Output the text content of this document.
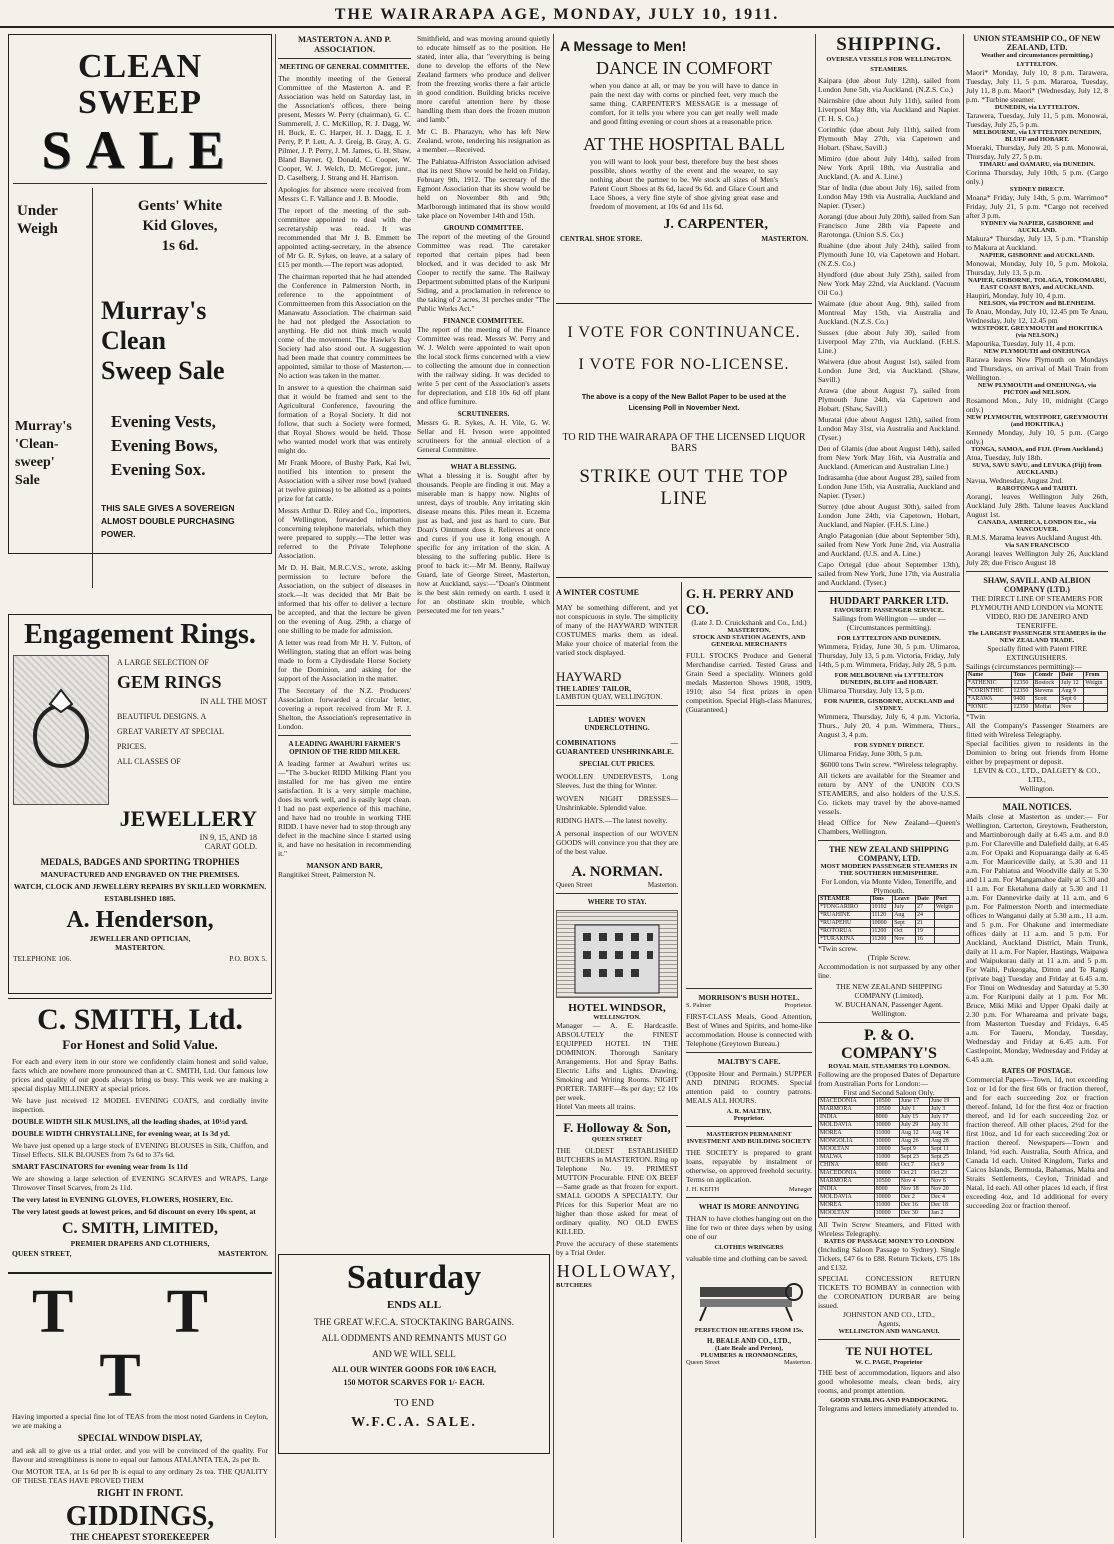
THE WAIRARAPA AGE, MONDAY, JULY 10, 1911.
CLEAN SWEEP
SALE
Under
Weigh
Gents' White
Kid Gloves,
1s 6d.
Murray's
'Clean-sweep'
Sale
Murray's Clean
Sweep Sale
Evening Vests,
Evening Bows,
Evening Sox.
THIS SALE GIVES A SOVEREIGN ALMOST DOUBLE PURCHASING POWER.
Engagement Rings.
A LARGE SELECTION OF
GEM RINGS
IN ALL THE MOST
BEAUTIFUL DESIGNS. A
GREAT VARIETY AT SPECIAL
PRICES.
ALL CLASSES OF
JEWELLERY
IN 9, 15, AND 18
CARAT GOLD.
MEDALS, BADGES AND SPORTING TROPHIES
MANUFACTURED AND ENGRAVED ON THE PREMISES.
WATCH, CLOCK AND JEWELLERY REPAIRS BY SKILLED WORKMEN.
ESTABLISHED 1885.
A. Henderson,
JEWELLER AND OPTICIAN,
MASTERTON.
TELEPHONE 106.	P.O. BOX 5.
C. SMITH, Ltd.
For Honest and Solid Value.
For each and every item in our store we confidently claim honest and solid value, facts which are nowhere more pronounced than at C. SMITH, Ltd. Our famous low prices and quality of our goods always bring us busy. This week we are making a special display MILLINERY at special prices.
We have just received 12 MODEL EVENING COATS, and cordially invite inspection.
DOUBLE WIDTH SILK MUSLINS, all the leading shades, at 10½d yard.
DOUBLE WIDTH CHRYSTALLINE, for evening wear, at 1s 3d yd.
We have just opened up a large stock of EVENING BLOUSES in Silk, Chiffon, and Tinsel Effects. SILK BLOUSES from 7s 6d to 37s 6d.
SMART FASCINATORS for evening wear from 1s 11d
We are showing a large selection of EVENING SCARVES and WRAPS, Large Throwover Tinsel Scarves, from 2s 11d.
The very latest in EVENING GLOVES, FLOWERS, HOSIERY, Etc.
The very latest goods at lowest prices, and 6d discount on every 10s spent, at
C. SMITH, LIMITED,
PREMIER DRAPERS AND CLOTHIERS,
QUEEN STREET,	MASTERTON.
T T T
Having imported a special fine lot of TEAS from the most noted Gardens in Ceylon, we are making a
SPECIAL WINDOW DISPLAY,
and ask all to give us a trial order, and you will be convinced of the quality. For flavour and strengthiness is none to equal our famous ATALANTA TEA, 2s per lb.
Our MOTOR TEA, at 1s 6d per lb is equal to any ordinary 2s tea. THE QUALITY OF THESE TEAS HAVE PROVED THEM
RIGHT IN FRONT.
GIDDINGS,
THE CHEAPEST STOREKEEPER
MASTERTON A. AND P. ASSOCIATION.
MEETING OF GENERAL COMMITTEE.
The monthly meeting of the General Committee of the Masterton A. and P. Association was held on Saturday last, in the Association's offices, there being present, Messrs W. Perry (chairman), G. C. Summerell, J. C. McKillop, R. J. Dagg, W. H. Buck, E. C. Harper, H. J. Dagg, E. J. Perry, P. P. Lett, A. J. Greig, B. Gray, A. G. Pilmer, J. P. Perry, J. M. James, G. H. Shaw, Bland Bayner, Q. Donald, C. Cooper, W. Cooper, W. J. Welch, D. McGregor, junr., D. Caselberg, J. Strang and H. Harrison.
Apologies for absence were received from Messrs C. F. Vallance and J. B. Moodie.
The report of the meeting of the sub-committee appointed to deal with the secretaryship was read. It was recommended that Mr J. B. Emmett be appointed acting-secretary, in the absence of Mr G. R. Sykes, on leave, at a salary of £15 per month.—The report was adopted.
The chairman reported that he had attended the Conference in Palmerston North, in reference to the appointment of Committeemen from this Association on the Manawatu Association. The chairman said he had not pledged the Association to anything. He did not think much would come of the movement. The Hawke's Bay Society had also stood out. A suggestion had been made that country committees be appointed, similar to those of Masterton.—No action was taken in the matter.
In answer to a question the chairman said that it would be framed and sent to the Agricultural Conference, favouring the formation of a Royal Society. It did not follow, that such a Society were formed, that Royal Shows would be held. Those who wanted model work that was entirely might do.
Mr Frank Moore, of Bushy Park, Kai Iwi, notified his intention to present the Association with a silver rose bowl (valued at twelve guineas) to be allotted as a points prize for fat cattle.
Messrs Arthur D. Riley and Co., importers, of Wellington, forwarded information concerning telephone materials, which they were prepared to supply.—The letter was referred to the Private Telephone Association.
Mr D. H. Bait, M.R.C.V.S., wrote, asking permission to lecture before the Association, on the subject of diseases in stock.—It was decided that Mr Bait be informed that his offer to deliver a lecture be accepted, and that the lecture be given on the evening of Aug. 29th, a charge of one shilling to be made for admission.
A letter was read from Mr H. V. Fulton, of Wellington, stating that an effort was being made to form a Clydesdale Horse Society for the Dominion, and asking for the support of the Association in the matter.
The Secretary of the N.Z. Producers' Association forwarded a circular letter, covering a report received from Mr F. J. Shelton, the Association's representative in London.
A LEADING AWAHURI FARMER'S OPINION OF THE RIDD MILKER.
A leading farmer at Awahuri writes us:—"The 3-bucket RIDD Milking Plant you installed for me has given me entire satisfaction. It is a very simple machine, does its work well, and is easily kept clean. I had no past experience of this machine, and have had no trouble in working THE RIDD. I have never had to stop through any defect in the machine since I started using it, and have no hesitation in recommending it."
MANSON AND BARR,
Rangitikei Street, Palmerston N.
Smithfield, and was moving around quietly to educate himself as to the position. He stated, inter alia, that "everything is being done to develop the efforts of the New Zealand farmers who produce and deliver from the freezing works there a fair article in good condition. Building bricks receive more careful attention here by those handling them than does the frozen mutton and lamb."
Mr C. B. Pharazyn, who has left New Zealand, wrote, tendering his resignation as a member.—Received.
The Pahiatua-Alfriston Association advised that its next Show would be held on Friday, February 9th, 1912. The secretary of the Egmont Association that its show would be held on November 8th and 9th; Marlborough intimated that its show would take place on November 14th and 15th.
GROUND COMMITTEE.
The report of the meeting of the Ground Committee was read. The caretaker reported that certain pipes had been blocked, and it was decided to ask Mr Cooper to rectify the same. The Railway Department submitted plans of the Kuripuni Siding, and a proclamation in reference to the taking of 2 acres, 31 perches under "The Public Works Act."
FINANCE COMMITTEE.
The report of the meeting of the Finance Committee was read. Messrs W. Perry and W. J. Welch were appointed to wait upon the local stock firms concerned with a view to collecting the amount due in connection with the railway siding. It was decided to write 5 per cent of the Association's assets for depreciation, and £18 10s 6d off plant and office furniture.
SCRUTINEERS.
Messrs G. R. Sykes, A. H. Vile, G. W. Sellar and H. Iveson were appointed scrutineers for the annual election of a General Committee.
WHAT A BLESSING.
What a blessing it is. Sought after by thousands. People are finding it out. May a miserable man is happy now. Nights of unrest, days of trouble. Any irritating skin disease means this. Piles mean it. Eczema just as bad, and just as hard to cure. But Doan's Ointment does it. Relieves at once and cures if you use it long enough. A specific for any irritation of the skin. A blessing to the suffering public. Here is proof to back it:—Mr M. Benny, Railway Guard, late of George Street, Masterton, now at Auckland, says:—"Doan's Ointment is the best skin remedy on earth. I used it for an obstinate skin trouble, which persecuted me for ten years."
Saturday
ENDS ALL
THE GREAT W.F.C.A. STOCKTAKING BARGAINS.
ALL ODDMENTS AND REMNANTS MUST GO
AND WE WILL SELL
ALL OUR WINTER GOODS FOR 10/6 EACH,
150 MOTOR SCARVES FOR 1/- EACH.
TO END
W.F.C.A. SALE.
A Message to Men!
DANCE IN COMFORT
when you dance at all, or may be you will have to dance in pain the next day with corns or pinched feet, very much the same thing. CARPENTER'S MESSAGE is a message of comfort, for it tells you where you can get really well made and good fitting evening or court shoes at a reasonable price.
AT THE HOSPITAL BALL
you will want to look your best, therefore buy the best shoes possible, shoes worthy of the event and the wearer, to say nothing about the partner to be. We stock all sizes of Men's Patent Court Shoes at 8s 6d, laced 9s 6d. and Glace Court and Lace Shoes, a very fine style of shoe giving great ease and freedom of movement, at 10s 6d and 11s 6d.
J. CARPENTER,
CENTRAL SHOE STORE.	MASTERTON.
I VOTE FOR CONTINUANCE.
I VOTE FOR NO-LICENSE.
The above is a copy of the New Ballot Paper to be used at the Licensing Poll in November Next.
TO RID THE WAIRARAPA OF THE LICENSED LIQUOR BARS
STRIKE OUT THE TOP LINE
A WINTER COSTUME
MAY be something different, and yet not conspicuous in style. The simplicity of many of the HAYWARD WINTER COSTUMES marks them as ideal. Make your choice of material from the varied stock displayed.
HAYWARD
THE LADIES' TAILOR,
LAMBTON QUAY, WELLINGTON.
LADIES' WOVEN UNDERCLOTHING.
COMBINATIONS — GUARANTEED UNSHRINKABLE.
SPECIAL CUT PRICES.
WOOLLEN UNDERVESTS, Long Sleeves. Just the thing for Winter.
WOVEN NIGHT DRESSES—Unshrinkable. Splendid value.
RIDING HATS.—The latest novelty.
A personal inspection of our WOVEN GOODS will convince you that they are of the best value.
A. NORMAN.
Queen Street	Masterton.
WHERE TO STAY.
HOTEL WINDSOR,
WELLINGTON.
Manager — A. E. Hardcastle. ABSOLUTELY the FINEST EQUIPPED HOTEL IN THE DOMINION. Thorough Sanitary Arrangements. Hot and Spray Baths. Electric Lifts and Lights. Drawing, Smoking and Writing Rooms. NIGHT PORTER. TARIFF—8s per day; £2 10s per week.
Hotel Van meets all trains.
F. Holloway & Son,
QUEEN STREET
THE OLDEST ESTABLISHED BUTCHERS in MASTERTON. Ring up Telephone No. 19. PRIMEST MUTTON Procurable. FINE OX BEEF—Same grade as that frozen for export. SMALL GOODS A SPECIALTY. Our Prices for this Superior Meat are no higher than those asked for meat of ordinary quality. NO OLD EWES KILLED.
Prove the accuracy of these statements by a Trial Order.
HOLLOWAY,
BUTCHERS
G. H. PERRY AND CO.
(Late J. D. Cruickshank and Co., Ltd.)
MASTERTON.
STOCK AND STATION AGENTS, AND GENERAL MERCHANTS
FULL STOCKS Produce and General Merchandise carried. Tested Grass and Grain Seed a speciality. Winners gold medals Masterton Shows 1908, 1909, 1910; also 54 first prizes in open competition. Special High-class Manures, (Guaranteed.)
MORRISON'S BUSH HOTEL.
S. Palmer	Proprietor.
FIRST-CLASS Meals, Good Attention, Best of Wines and Spirits, and home-like accommodation. House is connected with Telephone (Greytown Bureau.)
MALTBY'S CAFE.
(Opposite Hour and Permain.) SUPPER AND DINING ROOMS. Special attention paid to country patrons. MEALS ALL HOURS.
A. R. MALTBY,
Proprietor.
MASTERTON PERMANENT INVESTMENT AND BUILDING SOCIETY
THE SOCIETY is prepared to grant loans, repayable by instalment or otherwise, on approved freehold security. Terms on application.
J. H. KEITH	Manager
WHAT IS MORE ANNOYING
THAN to have clothes hanging out on the line for two or three days when by using one of our
CLOTHES WRINGERS
valuable time and clothing can be saved.
PERFECTION HEATERS FROM 15s.
H. BEALE AND CO., LTD.,
(Late Beale and Perton),
PLUMBERS & IRONMONGERS,
Queen Street	Masterton.
SHIPPING.
OVERSEA VESSELS FOR WELLINGTON.
STEAMERS.
Kaipara (due about July 12th), sailed from London June 5th, via Auckland. (N.Z.S. Co.)
Nairnshire (due about July 11th), sailed from Liverpool May 8th, via Auckland and Napier. (T. H. S. Co.)
Corinthic (due about July 11th), sailed from Plymouth May 27th, via Capetown and Hobart. (Shaw, Savill.)
Mimiro (due about July 14th), sailed from New York April 18th, via Australia and Auckland. (A. and A. Line.)
Star of India (due about July 16), sailed from London May 19th via Australia, Auckland and Napier. (Tyser.)
Aorangi (due about July 20th), sailed from San Francisco June 28th via Papeete and Rarotonga. (Union S.S. Co.)
Ruahine (due about July 24th), sailed from Plymouth June 10, via Capetown and Hobart. (N.Z.S. Co.)
Hyndford (due about July 25th), sailed from New York May 22nd, via Auckland. (Vacuum Oil Co.)
Waimate (due about Aug. 9th), sailed from Montreal May 15th, via Australia and Auckland. (N.Z.S. Co.)
Sussex (due about July 30), sailed from Liverpool May 27th, via Auckland. (F.H.S. Line.)
Waiwera (due about August 1st), sailed from London June 3rd, via Auckland. (Shaw, Savill.)
Arawa (due about August 7), sailed from Plymouth June 24th, via Capetown and Hobart. (Shaw, Savill.)
Muratai (due about August 12th), sailed from London May 31st, via Australia and Auckland. (Tyser.)
Den of Glamis (due about August 14th), sailed from New York May 16th, via Australia and Auckland. (American and Australian Line.)
Indrasamha (due about August 28), sailed from London June 15th, via Australia, Auckland and Napier. (Tyser.)
Surrey (due about August 30th), sailed from London June 24th, via Capetown, Hobart, Auckland, and Napier. (F.H.S. Line.)
Anglo Patagonian (due about September 5th), sailed from New York June 2nd, via Australia and Auckland. (U.S. and A. Line.)
Capo Ortegal (due about September 13th), sailed from New York, June 17th, via Australia and Auckland. (Tyser.)
HUDDART PARKER LTD.
FAVOURITE PASSENGER SERVICE.
Sailings from Wellington — under — (Circumstances permitting).
FOR LYTTELTON AND DUNEDIN.
Wimmera, Friday, June 30, 5 p.m. Ulimaroa, Thursday, July 13, 5 p.m. Victoria, Friday, July 14th, 5 p.m. Wimmera, Friday, July 28, 5 p.m.
FOR MELBOURNE via LYTTELTON DUNEDIN, BLUFF and HOBART.
Ulimaroa Thursday, July 13, 5 p.m.
FOR NAPIER, GISBORNE, AUCKLAND and SYDNEY.
Wimmera, Thursday, July 6, 4 p.m. Victoria, Thurs., July 20, 4 p.m. Wimmera, Thurs., August 3, 4 p.m.
FOR SYDNEY DIRECT.
Ulimaroa Friday, June 30th, 5 p.m.
$6000 tons Twin screw. *Wireless telegraphy.
All tickets are available for the Steamer and return by ANY of the UNION CO.'S STEAMERS, and also holders of the U.S.S. Co. tickets may travel by the above-named vessels.
Head Office for New Zealand—Queen's Chambers, Wellington.
THE NEW ZEALAND SHIPPING COMPANY, LTD.
MOST MODERN PASSENGER STEAMERS IN THE SOUTHERN HEMISPHERE.
For London, via Monte Video, Teneriffe, and Plymouth.
STEAMER	Tons	Leave	Date	Port
*TONGARIRO	10102	July	27	Welgtn
*RUAHINE	11120	Aug	24	
*RUAPEHU	10000	Sept	21	
*ROTORUA	11200	Oct	19	
*TURAKINA	11200	Nov	16	
*Twin screw.
(Triple Screw.
Accommodation is not surpassed by any other line.
THE NEW ZEALAND SHIPPING COMPANY (Limited).
W. BUCHANAN, Passenger Agent.
Wellington.
P. & O. COMPANY'S
ROYAL MAIL STEAMERS TO LONDON.
Following are the proposed Dates of Departure from Australian Ports for London:—
First and Second Saloon Only.
MACEDONIA	10500	June 17	June 19
MARMORA	10500	July 1	July 3
INDIA	8000	July 15	July 17
MOLDAVIA	10000	July 29	July 31
MOREA	11000	Aug 12	Aug 14
MONGOLIA	10000	Aug 26	Aug 28
MOOLTAN	10000	Sept 9	Sept 11
MALWA	11000	Sept 23	Sept 25
CHINA	8000	Oct 7	Oct 9
MACEDONIA	10000	Oct 21	Oct 23
MARMORA	10500	Nov 4	Nov 6
INDIA	8000	Nov 18	Nov 20
MOLDAVIA	10000	Dec 2	Dec 4
MOREA	11000	Dec 16	Dec 18
MOOLTAN	10000	Dec 30	Jan 2
All Twin Screw Steamers, and Fitted with Wireless Telegraphy.
RATES OF PASSAGE MONEY TO LONDON
(Including Saloon Passage to Sydney). Single Tickets, £47 6s to £88. Return Tickets, £75 18s and £132.
SPECIAL CONCESSION RETURN TICKETS TO BOMBAY in connection with the CORONATION DURBAR are being issued.
JOHNSTON AND CO., LTD.,
Agents,
WELLINGTON AND WANGANUI.
TE NUI HOTEL
W. C. PAGE, Proprietor
THE best of accommodation, liquors and also good wholesome meals, clean beds, airy rooms, and prompt attention.
GOOD STABLING AND PADDOCKING.
Telegrams and letters immediately attended to.
UNION STEAMSHIP CO., OF NEW ZEALAND, LTD.
Weather and circumstances permitting.)
LYTTELTON.
Maori* Monday, July 10, 8 p.m. Tarawera, Tuesday, July 11, 5 p.m. Mararoa, Tuesday, July 11, 8 p.m. Maori* (Wednesday, July 12, 8 p.m. *Turbine steamer.
DUNEDIN, via LYTTELTON.
Tarawera, Tuesday, July 11, 5 p.m. Monowai, Tuesday, July 25, 5 p.m.
MELBOURNE, via LYTTELTON DUNEDIN, BLUFF and HOBART.
Moeraki, Thursday, July 20, 5 p.m. Monowai, Thursday, July 27, 5 p.m.
TIMARU and OAMARU, via DUNEDIN.
Corinna Thursday, July 10th, 5 p.m. (Cargo only.)
SYDNEY DIRECT.
Moana* Friday, July 14th, 5 p.m. Warrimoo* Friday, July 21, 5 p.m. *Cargo not received after 3 p.m.
SYDNEY via NAPIER, GISBORNE and AUCKLAND.
Makura* Thursday, July 13, 5 p.m. *Tranship to Makura at Auckland.
NAPIER, GISBORNE and AUCKLAND.
Monowai, Monday, July 10, 5 p.m. Mokoia, Thursday, July 13, 5 p.m.
NAPIER, GISBORNE, TOLAGA, TOKOMARU, EAST COAST BAYS, and AUCKLAND.
Haupiri, Monday, July 10, 4 p.m.
NELSON, via PICTON and BLENHEIM.
Te Anau, Monday, July 10, 12.45 pm Te Anau, Wednesday, July 12, 12.45 pm
WESTPORT, GREYMOUTH and HOKITIKA (via NELSON.)
Mapourika, Tuesday, July 11, 4 p.m.
NEW PLYMOUTH and ONEHUNGA
Rarawa leaves New Plymouth on Mondays and Thursdays, on arrival of Mail Train from Wellington.
NEW PLYMOUTH and ONEHUNGA, via PICTON and NELSON.
Rosamond Mon., July 10, midnight (Cargo only.)
NEW PLYMOUTH, WESTPORT, GREYMOUTH (and HOKITIKA.)
Kennedy Monday, July 10, 5 p.m. (Cargo only.)
TONGA, SAMOA, and FIJI. (From Auckland.)
Atua, Tuesday, July 18th.
SUVA, SAVU SAVU, and LEVUKA (Fiji) from AUCKLAND.)
Navua, Wednesday, August 2nd.
RAROTONGA and TAHITI.
Aorangi, leaves Wellington July 26th, Auckland July 28th. Talune leaves Auckland August 1st.
CANADA, AMERICA, LONDON Etc., via VANCOUVER.
R.M.S. Marama leaves Auckland August 4th.
Via SAN FRANCISCO
Aorangi leaves Wellington July 26, Auckland July 28; due Frisco August 18
SHAW, SAVILL AND ALBION COMPANY (LTD.)
THE DIRECT LINE OF STEAMERS FOR PLYMOUTH AND LONDON via MONTE VIDEO, RIO DE JANEIRO AND TENERIFFE.
The LARGEST PASSENGER STEAMERS in the NEW ZEALAND TRADE.
Specially fitted with Patent FIRE EXTINGUISHERS.
Sailings (circumstances permitting):—
Name	Tons	Comdr	Date	From
*ATHENIC	12350	Bostock	July 12	Welgtn
*CORINTHIC	12350	Stevens	Aug 9	
*ARAWA	9400	Scott	Sept 6	
*IONIC	12350	Moffat	Nov	
*Twin
All the Company's Passenger Steamers are fitted with Wireless Telegraphy.
Special facilities given to residents in the Dominion to bring out friends from Home either by prepayment or deposit.
LEVIN & CO., LTD., DALGETY & CO., LTD.,
Wellington.
MAIL NOTICES.
Mails close at Masterton as under:— For Wellington, Carterton, Greytown, Featherston, and Martinborough daily at 6.45 a.m. and 8.0 p.m. For Clareville and Dalefield daily, at 6.45 a.m. For Opaki and Kopuaranga daily at 6.45 a.m. For Mauriceville daily, at 5.30 and 11 a.m. For Pahiatua and Woodville daily at 5.30 and 11 a.m. For Mangamahoe daily at 5.30 and 11 a.m. For Eketahuna daily at 5.30 and 11 a.m. For Dannevirke daily at 11 a.m. and 6 p.m. For Palmerston North and intermediate offices to Wanganui daily at 5.30 a.m., 11 a.m. and 5 p.m. For Ohakune and intermediate offices daily at 11 a.m. and 5 p.m. For Auckland, Auckland District, Main Trunk, daily at 11 a.m. For Napier, Hastings, Waipawa and Waipukurau daily at 11 a.m. and 5 p.m. For Waihi, Pukeogaha, Ditton and Te Rangi (private bag) Tuesday and Friday at 6.45 a.m. For Tinui on Wednesday and Saturday at 5.30 a.m. For Kuripuni daily at 1 p.m. For Mt. Bruce, Miki Miki and Upper Opaki daily at 2.30 p.m. For Whareama and private bags, from Masterton Tuesday and Fridays, 6.45 a.m. For Taueru, Monday, Tuesday, Wednesday and Friday at 6.45 a.m. For Castlepoint, Monday, Wednesday and Friday at 6.45 a.m.
RATES OF POSTAGE.
Commercial Papers—Town, 1d, not exceeding 1oz or 1d for the first 60s or fraction thereof, and for each succeeding 2oz or fraction thereof. Inland, 1d for the first 4oz or fraction thereof, and 1d for each succeeding 2oz or fraction thereof. All other places, 2½d for the first 10oz, and 1d for each succeeding 2oz or fraction thereof. Newspapers—Town and Inland, ½d each. Australia, South Africa, and Canada 1d each. United Kingdom, Turks and Caicos Islands, Bermuda, Bahamas, Malta and Straits Settlements, Ceylon, Trinidad and Natal, 1d each. All other places 1d each, if first exceeding 4oz, and 1d additional for every succeeding 2oz or fraction thereof.
